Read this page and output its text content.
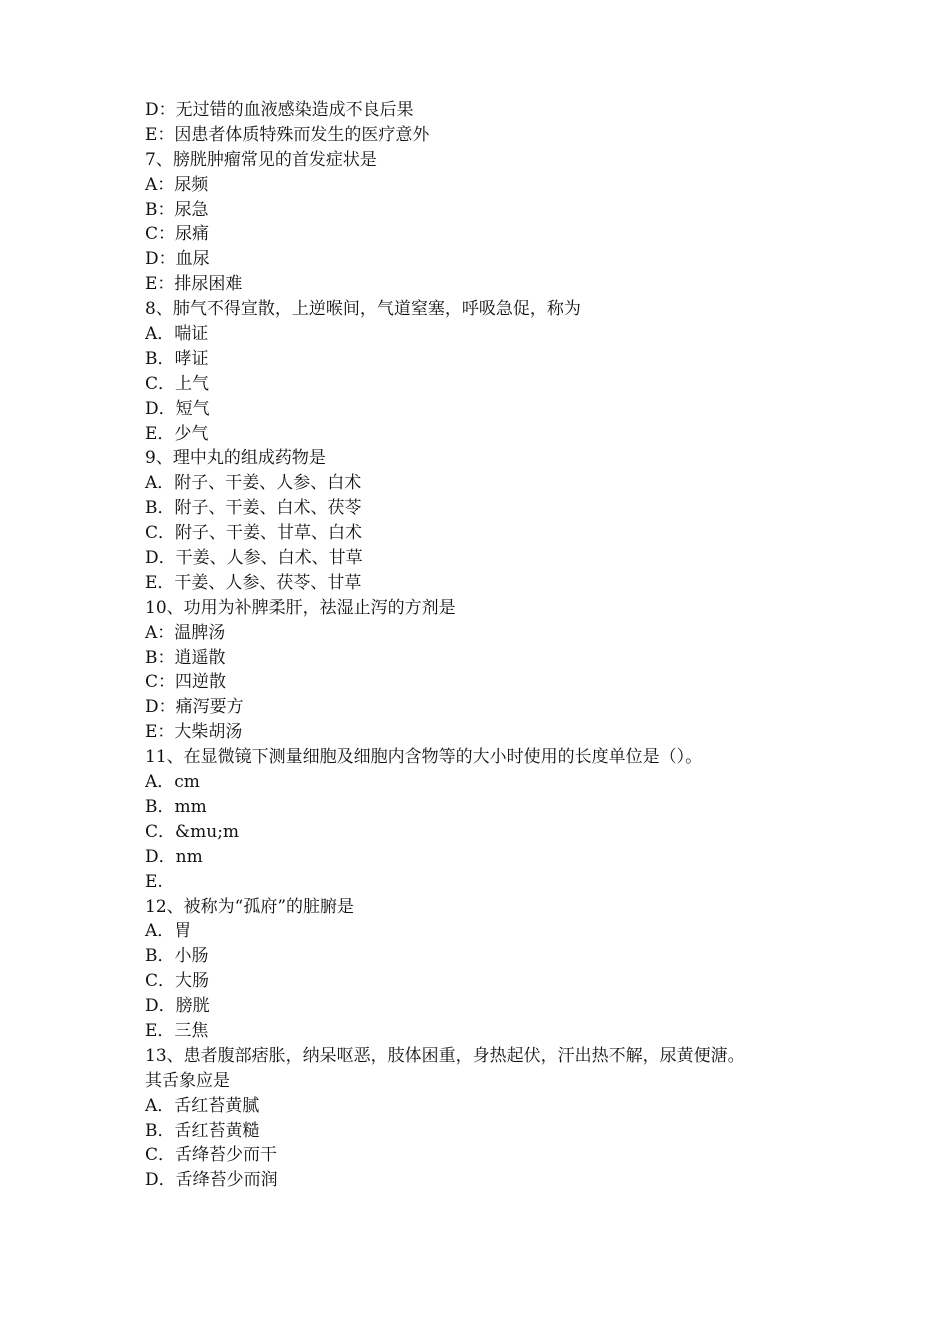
D：无过错的血液感染造成不良后果
E：因患者体质特殊而发生的医疗意外
7、膀胱肿瘤常见的首发症状是
A：尿频
B：尿急
C：尿痛
D：血尿
E：排尿困难
8、肺气不得宣散，上逆喉间，气道窒塞，呼吸急促，称为
A．喘证
B．哮证
C．上气
D．短气
E．少气
9、理中丸的组成药物是
A．附子、干姜、人参、白术
B．附子、干姜、白术、茯苓
C．附子、干姜、甘草、白术
D．干姜、人参、白术、甘草
E．干姜、人参、茯苓、甘草
10、功用为补脾柔肝，祛湿止泻的方剂是
A：温脾汤
B：逍遥散
C：四逆散
D：痛泻要方
E：大柴胡汤
11、在显微镜下测量细胞及细胞内含物等的大小时使用的长度单位是（）。
A．cm
B．mm
C．&mu;m
D．nm
E.
12、被称为“孤府”的脏腑是
A．胃
B．小肠
C．大肠
D．膀胱
E．三焦
13、患者腹部痞胀，纳呆呕恶，肢体困重，身热起伏，汗出热不解，尿黄便溏。
其舌象应是
A．舌红苔黄腻
B．舌红苔黄糙
C．舌绛苔少而干
D．舌绛苔少而润
